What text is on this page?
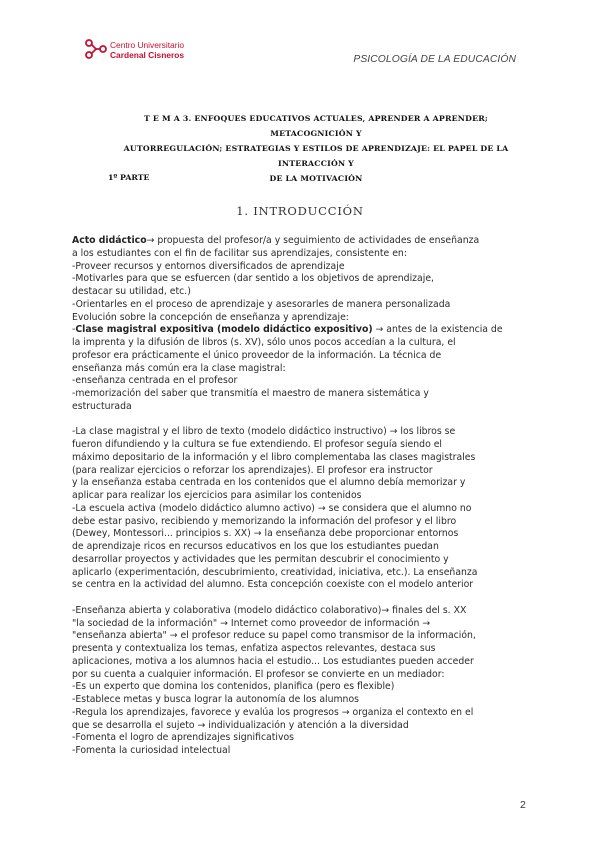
Centro Universitario
Cardenal Cisneros	PSICOLOGÍA DE LA EDUCACIÓN
T E M A 3. ENFOQUES EDUCATIVOS ACTUALES, APRENDER A APRENDER; METACOGNICIÓN Y
AUTORREGULACIÓN; ESTRATEGIAS Y ESTILOS DE APRENDIZAJE: EL PAPEL DE LA INTERACCIÓN Y
DE LA MOTIVACIÓN
1º PARTE
1. INTRODUCCIÓN

Acto didáctico→ propuesta del profesor/a y seguimiento de actividades de enseñanza

a los estudiantes con el fin de facilitar sus aprendizajes, consistente en:

-Proveer recursos y entornos diversificados de aprendizaje

-Motivarles para que se esfuercen (dar sentido a los objetivos de aprendizaje,

destacar su utilidad, etc.)

-Orientarles en el proceso de aprendizaje y asesorarles de manera personalizada

Evolución sobre la concepción de enseñanza y aprendizaje:

-Clase magistral expositiva (modelo didáctico expositivo) → antes de la existencia de

la imprenta y la difusión de libros (s. XV), sólo unos pocos accedían a la cultura, el

profesor era prácticamente el único proveedor de la información. La técnica de

enseñanza más común era la clase magistral:

-enseñanza centrada en el profesor

-memorización del saber que transmitía el maestro de manera sistemática y

estructurada

-La clase magistral y el libro de texto (modelo didáctico instructivo) → los libros se

fueron difundiendo y la cultura se fue extendiendo. El profesor seguía siendo el

máximo depositario de la información y el libro complementaba las clases magistrales

(para realizar ejercicios o reforzar los aprendizajes). El profesor era instructor

y la enseñanza estaba centrada en los contenidos que el alumno debía memorizar y

aplicar para realizar los ejercicios para asimilar los contenidos

-La escuela activa (modelo didáctico alumno activo) → se considera que el alumno no

debe estar pasivo, recibiendo y memorizando la información del profesor y el libro

(Dewey, Montessori... principios s. XX) → la enseñanza debe proporcionar entornos

de aprendizaje ricos en recursos educativos en los que los estudiantes puedan

desarrollar proyectos y actividades que les permitan descubrir el conocimiento y

aplicarlo (experimentación, descubrimiento, creatividad, iniciativa, etc.). La enseñanza

se centra en la actividad del alumno. Esta concepción coexiste con el modelo anterior

-Enseñanza abierta y colaborativa (modelo didáctico colaborativo)→ finales del s. XX

"la sociedad de la información" → Internet como proveedor de información →

"enseñanza abierta" → el profesor reduce su papel como transmisor de la información,

presenta y contextualiza los temas, enfatiza aspectos relevantes, destaca sus

aplicaciones, motiva a los alumnos hacia el estudio... Los estudiantes pueden acceder

por su cuenta a cualquier información. El profesor se convierte en un mediador:

-Es un experto que domina los contenidos, planifica (pero es flexible)

-Establece metas y busca lograr la autonomía de los alumnos

-Regula los aprendizajes, favorece y evalúa los progresos → organiza el contexto en el

que se desarrolla el sujeto → individualización y atención a la diversidad

-Fomenta el logro de aprendizajes significativos

-Fomenta la curiosidad intelectual

2
